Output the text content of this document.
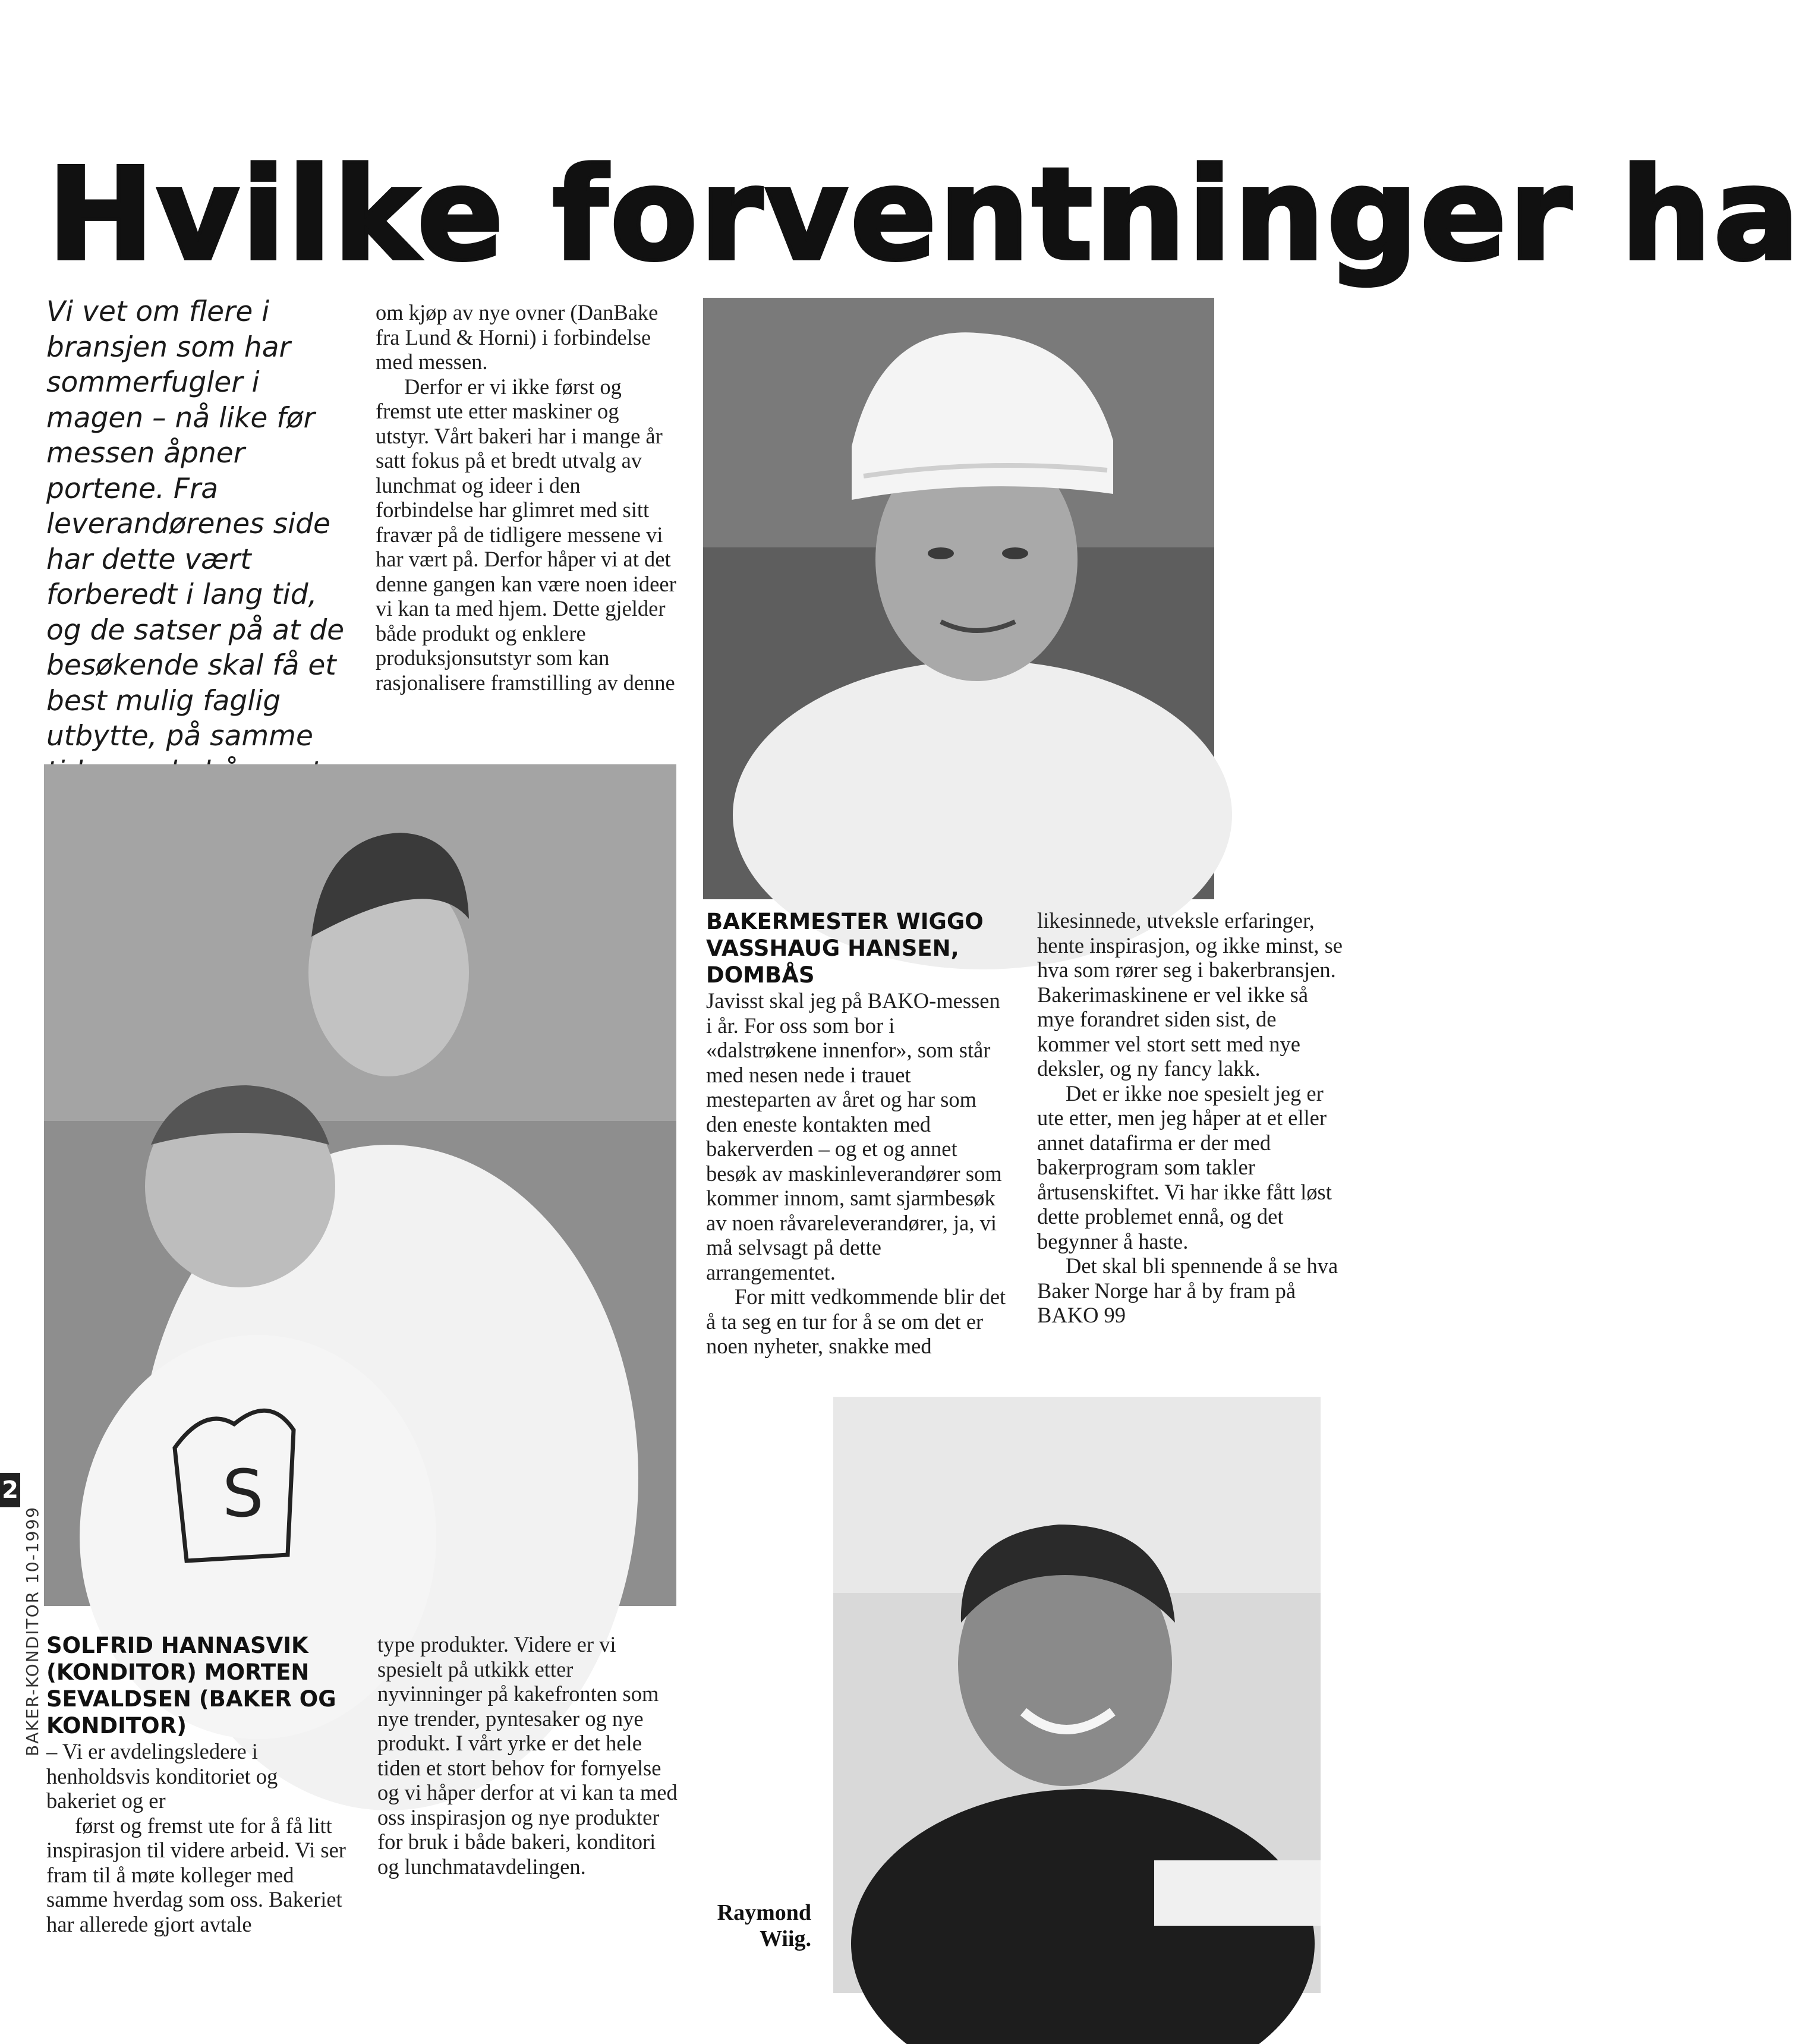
Hvilke forventninger ha
Vi vet om flere i bransjen som har sommerfugler i magen – nå like før messen åpner portene. Fra leverandørenes side har dette vært forberedt i lang tid, og de satser på at de besøkende skal få et best mulig faglig utbytte, på samme

om kjøp av nye ovner (DanBake fra Lund & Horni) i forbindelse med messen.

Derfor er vi ikke først og fremst ute etter maskiner og utstyr. Vårt bakeri har i mange år satt fokus på et bredt utvalg av lunchmat og ideer i den forbindelse har glimret med sitt fravær på de tidligere messene vi har vært på. Derfor håper vi at det denne gangen kan være noen ideer vi kan ta med hjem. Dette gjelder både produkt og enklere produksjonsutstyr som kan rasjonalisere framstilling av denne

S
BAKERMESTER WIGGO VASSHAUG HANSEN, DOMBÅS

Javisst skal jeg på BAKO-messen i år. For oss som bor i «dalstrøkene innenfor», som står med nesen nede i trauet mesteparten av året og har som den eneste kontakten med bakerverden – og et og annet besøk av maskinleverandører som kommer innom, samt sjarmbesøk av noen råvareleverandører, ja, vi må selvsagt på dette arrangementet.

For mitt vedkommende blir det å ta seg en tur for å se om det er noen nyheter, snakke med

likesinnede, utveksle erfaringer, hente inspirasjon, og ikke minst, se hva som rører seg i bakerbransjen. Bakerimaskinene er vel ikke så mye forandret siden sist, de kommer vel stort sett med nye deksler, og ny fancy lakk.

Det er ikke noe spesielt jeg er ute etter, men jeg håper at et eller annet datafirma er der med bakerprogram som takler årtusenskiftet. Vi har ikke fått løst dette problemet ennå, og det begynner å haste.

Det skal bli spennende å se hva Baker Norge har å by fram på BAKO 99

SOLFRID HANNASVIK (KONDITOR) MORTEN SEVALDSEN (BAKER OG KONDITOR)

– Vi er avdelingsledere i henholdsvis konditoriet og bakeriet og er

først og fremst ute for å få litt inspirasjon til videre arbeid. Vi ser fram til å møte kolleger med samme hverdag som oss. Bakeriet har allerede gjort avtale

type produkter. Videre er vi spesielt på utkikk etter nyvinninger på kakefronten som nye trender, pyntesaker og nye produkt. I vårt yrke er det hele tiden et stort behov for fornyelse og vi håper derfor at vi kan ta med oss inspirasjon og nye produkter for bruk i både bakeri, konditori og lunchmatavdelingen.

Raymond Wiig.
2
BAKER-KONDITOR 10-1999
